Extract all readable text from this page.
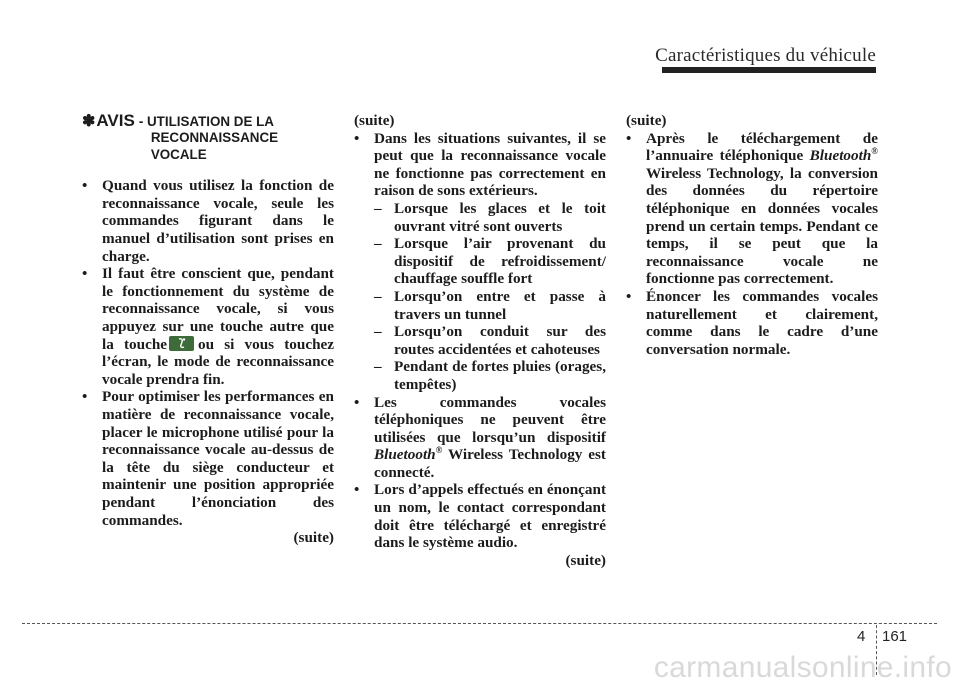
Caractéristiques du véhicule
✽AVIS - UTILISATION DE LA
RECONNAISSANCE
VOCALE
• Quand vous utilisez la fonction de reconnaissance vocale, seule les commandes figurant dans le manuel d’utilisation sont prises en charge.
• Il faut être conscient que, pendant le fonctionnement du système de reconnaissance vocale, si vous appuyez sur une touche autre que la touche ou si vous touchez l’écran, le mode de reconnaissance vocale prendra fin.
• Pour optimiser les performances en matière de reconnaissance vocale, placer le microphone utilisé pour la reconnaissance vocale au-dessus de la tête du siège conducteur et maintenir une position appropriée pendant l’énonciation des commandes.
(suite)
(suite)
• Dans les situations suivantes, il se peut que la reconnaissance vocale ne fonctionne pas correctement en raison de sons extérieurs.
– Lorsque les glaces et le toit ouvrant vitré sont ouverts
– Lorsque l’air provenant du dispositif de refroidissement/ chauffage souffle fort
– Lorsqu’on entre et passe à travers un tunnel
– Lorsqu’on conduit sur des routes accidentées et cahoteuses
– Pendant de fortes pluies (orages, tempêtes)
• Les commandes vocales téléphoniques ne peuvent être utilisées que lorsqu’un dispositif Bluetooth® Wireless Technology est connecté.
• Lors d’appels effectués en énonçant un nom, le contact correspondant doit être téléchargé et enregistré dans le système audio.
(suite)
(suite)
• Après le téléchargement de l’annuaire téléphonique Bluetooth® Wireless Technology, la conversion des données du répertoire téléphonique en données vocales prend un certain temps. Pendant ce temps, il se peut que la reconnaissance vocale ne fonctionne pas correctement.
• Énoncer les commandes vocales naturellement et clairement, comme dans le cadre d’une conversation normale.
4 161
carmanualsonline.info
